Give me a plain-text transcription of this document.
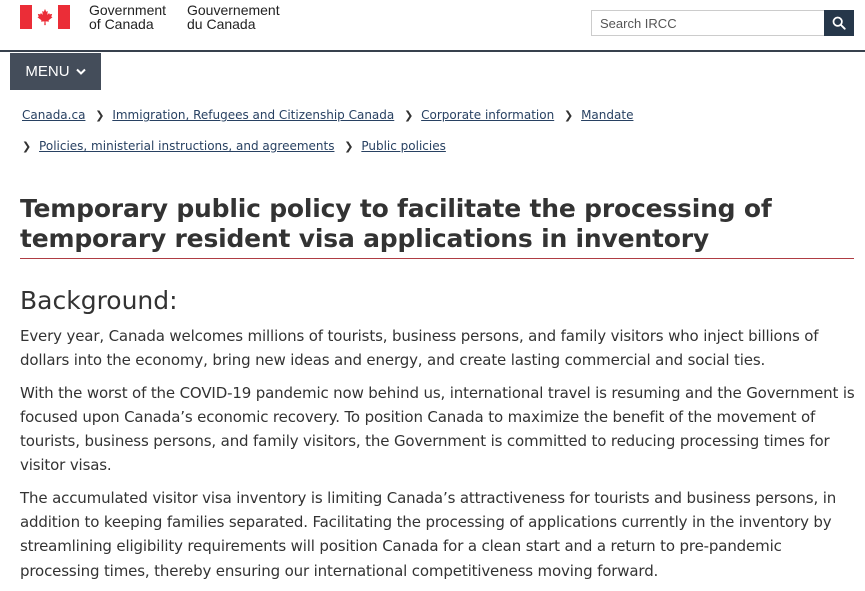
Government
of Canada
Gouvernement
du Canada
Search IRCC
MENU
Canada.ca ❯ Immigration, Refugees and Citizenship Canada ❯ Corporate information ❯ Mandate ❯ Policies, ministerial instructions, and agreements ❯ Public policies
Temporary public policy to facilitate the processing of temporary resident visa applications in inventory
Background:

Every year, Canada welcomes millions of tourists, business persons, and family visitors who inject billions of dollars into the economy, bring new ideas and energy, and create lasting commercial and social ties.

With the worst of the COVID-19 pandemic now behind us, international travel is resuming and the Government is focused upon Canada’s economic recovery. To position Canada to maximize the benefit of the movement of tourists, business persons, and family visitors, the Government is committed to reducing processing times for visitor visas.

The accumulated visitor visa inventory is limiting Canada’s attractiveness for tourists and business persons, in addition to keeping families separated. Facilitating the processing of applications currently in the inventory by streamlining eligibility requirements will position Canada for a clean start and a return to pre-pandemic processing times, thereby ensuring our international competitiveness moving forward.
